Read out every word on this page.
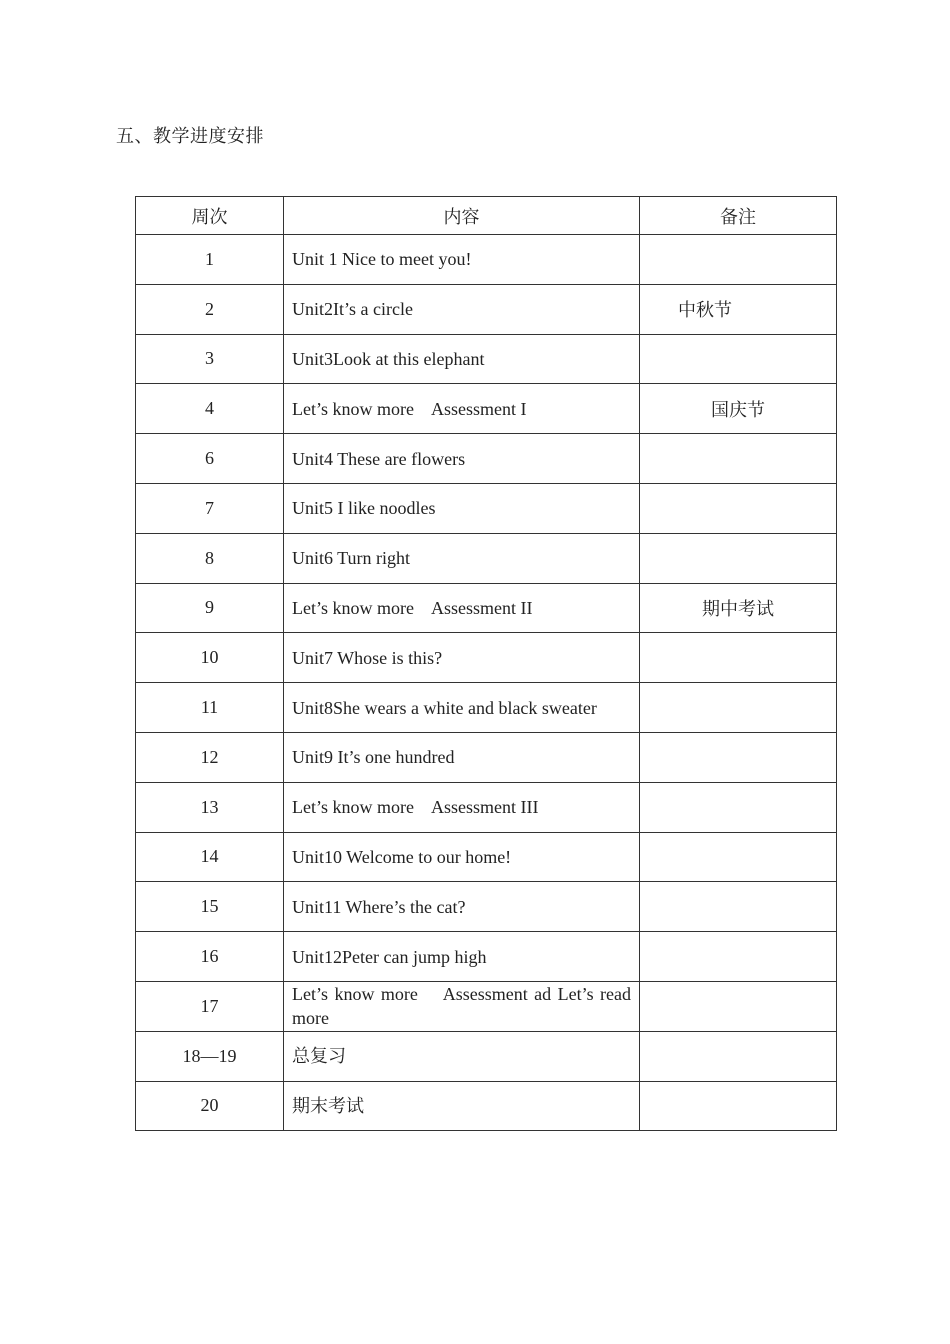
五、教学进度安排
周次	内容	备注
1	Unit 1 Nice to meet you!	

2	Unit2It’s a circle	中秋节
3	Unit3Look at this elephant	

4	Let’s know more    Assessment I	国庆节
6	Unit4 These are flowers	

7	Unit5 I like noodles	

8	Unit6 Turn right	

9	Let’s know more    Assessment II	期中考试
10	Unit7 Whose is this?	

11	Unit8She wears a white and black sweater	

12	Unit9 It’s one hundred	

13	Let’s know more    Assessment III	

14	Unit10 Welcome to our home!	

15	Unit11 Where’s the cat?	

16	Unit12Peter can jump high	

17	Let’s know more    Assessment ad Let’s read more	

18—19	总复习	

20	期末考试	
